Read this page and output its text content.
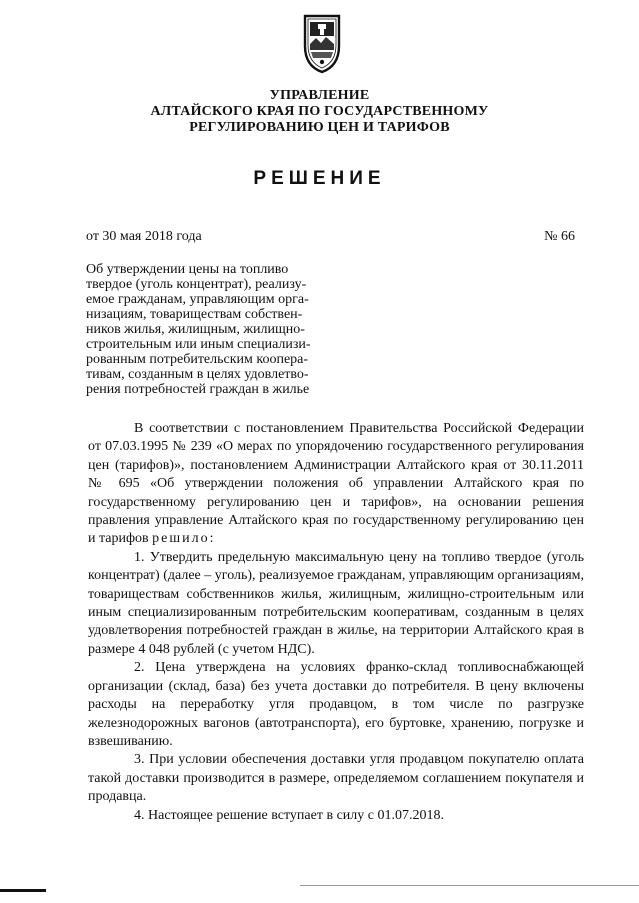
УПРАВЛЕНИЕ
АЛТАЙСКОГО КРАЯ ПО ГОСУДАРСТВЕННОМУ
РЕГУЛИРОВАНИЮ ЦЕН И ТАРИФОВ
РЕШЕНИЕ
от 30 мая 2018 года	№ 66
Об утверждении цены на топливо
твердое (уголь концентрат), реализу-
емое гражданам, управляющим орга-
низациям, товариществам собствен-
ников жилья, жилищным, жилищно-
строительным или иным специализи-
рованным потребительским коопера-
тивам, созданным в целях удовлетво-
рения потребностей граждан в жилье

В соответствии с постановлением Правительства Российской Федерации от 07.03.1995 № 239 «О мерах по упорядочению государственного регулирования цен (тарифов)», постановлением Администрации Алтайского края от 30.11.2011 № 695 «Об утверждении положения об управлении Алтайского края по государственному регулированию цен и тарифов», на основании решения правления управление Алтайского края по государственному регулированию цен и тарифов решило:

1. Утвердить предельную максимальную цену на топливо твердое (уголь концентрат) (далее – уголь), реализуемое гражданам, управляющим организациям, товариществам собственников жилья, жилищным, жилищно-строительным или иным специализированным потребительским кооперативам, созданным в целях удовлетворения потребностей граждан в жилье, на территории Алтайского края в размере 4 048 рублей (с учетом НДС).

2. Цена утверждена на условиях франко-склад топливоснабжающей организации (склад, база) без учета доставки до потребителя. В цену включены расходы на переработку угля продавцом, в том числе по разгрузке железнодорожных вагонов (автотранспорта), его буртовке, хранению, погрузке и взвешиванию.

3. При условии обеспечения доставки угля продавцом покупателю оплата такой доставки производится в размере, определяемом соглашением покупателя и продавца.

4. Настоящее решение вступает в силу с 01.07.2018.
